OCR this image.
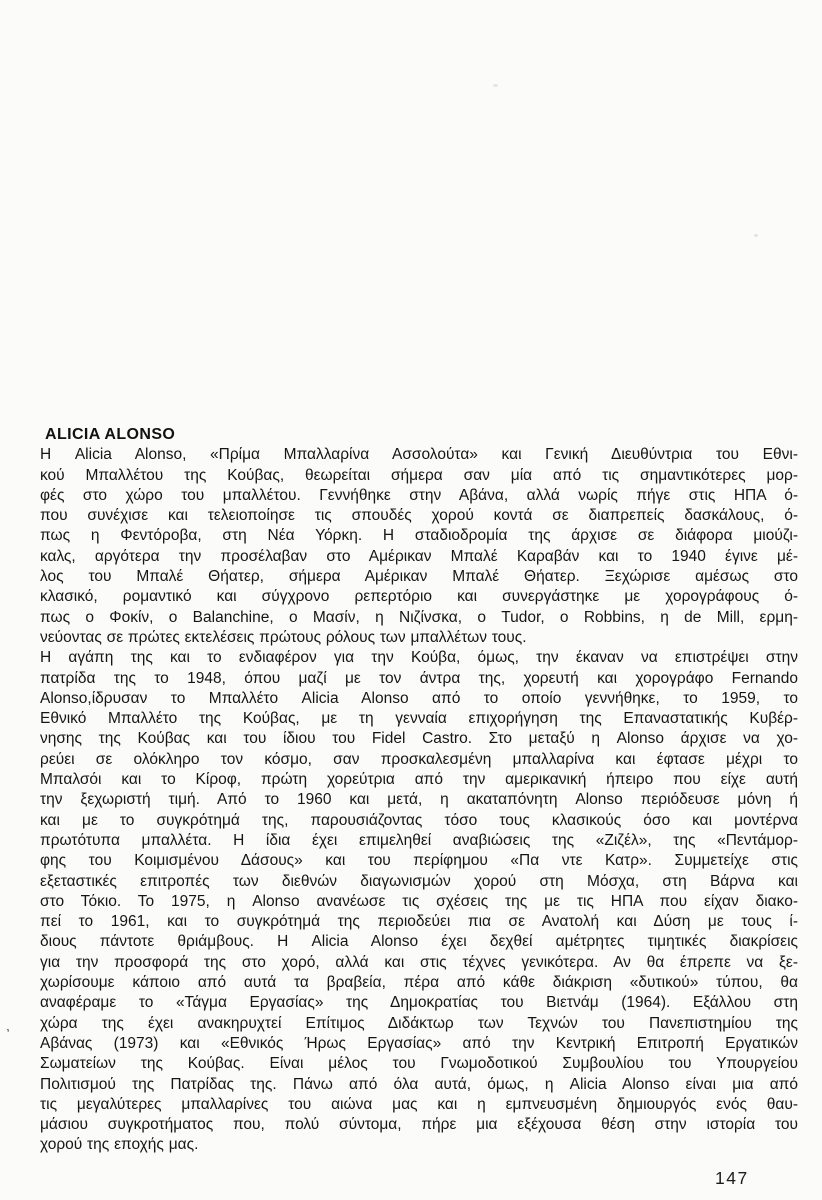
ALICIA ALONSO
Η Alicia Alonso, «Πρίμα Μπαλλαρίνα Ασσολούτα» και Γενική Διευθύντρια του Εθνι-
κού Μπαλλέτου της Κούβας, θεωρείται σήμερα σαν μία από τις σημαντικότερες μορ-
φές στο χώρο του μπαλλέτου. Γεννήθηκε στην Αβάνα, αλλά νωρίς πήγε στις ΗΠΑ ό-
που συνέχισε και τελειοποίησε τις σπουδές χορού κοντά σε διαπρεπείς δασκάλους, ό-
πως η Φεντόροβα, στη Νέα Υόρκη. Η σταδιοδρομία της άρχισε σε διάφορα μιούζι-
καλς, αργότερα την προσέλαβαν στο Αμέρικαν Μπαλέ Καραβάν και το 1940 έγινε μέ-
λος του Μπαλέ Θήατερ, σήμερα Αμέρικαν Μπαλέ Θήατερ. Ξεχώρισε αμέσως στο
κλασικό, ρομαντικό και σύγχρονο ρεπερτόριο και συνεργάστηκε με χορογράφους ό-
πως ο Φοκίν, ο Balanchine, ο Μασίν, η Νιζίνσκα, ο Tudor, ο Robbins, η de Mill, ερμη-
νεύοντας σε πρώτες εκτελέσεις πρώτους ρόλους των μπαλλέτων τους.
Η αγάπη της και το ενδιαφέρον για την Κούβα, όμως, την έκαναν να επιστρέψει στην
πατρίδα της το 1948, όπου μαζί με τον άντρα της, χορευτή και χορογράφο Fernando
Alonso,ίδρυσαν το Μπαλλέτο Alicia Alonso από το οποίο γεννήθηκε, το 1959, το
Εθνικό Μπαλλέτο της Κούβας, με τη γενναία επιχορήγηση της Επαναστατικής Κυβέρ-
νησης της Κούβας και του ίδιου του Fidel Castro. Στο μεταξύ η Alonso άρχισε να χο-
ρεύει σε ολόκληρο τον κόσμο, σαν προσκαλεσμένη μπαλλαρίνα και έφτασε μέχρι το
Μπαλσόι και το Κίροφ, πρώτη χορεύτρια από την αμερικανική ήπειρο που είχε αυτή
την ξεχωριστή τιμή. Από το 1960 και μετά, η ακαταπόνητη Alonso περιόδευσε μόνη ή
και με το συγκρότημά της, παρουσιάζοντας τόσο τους κλασικούς όσο και μοντέρνα
πρωτότυπα μπαλλέτα. Η ίδια έχει επιμεληθεί αναβιώσεις της «Ζιζέλ», της «Πεντάμορ-
φης του Κοιμισμένου Δάσους» και του περίφημου «Πα ντε Κατρ». Συμμετείχε στις
εξεταστικές επιτροπές των διεθνών διαγωνισμών χορού στη Μόσχα, στη Βάρνα και
στο Τόκιο. Το 1975, η Alonso ανανέωσε τις σχέσεις της με τις ΗΠΑ που είχαν διακο-
πεί το 1961, και το συγκρότημά της περιοδεύει πια σε Ανατολή και Δύση με τους ί-
διους πάντοτε θριάμβους. Η Alicia Alonso έχει δεχθεί αμέτρητες τιμητικές διακρίσεις
για την προσφορά της στο χορό, αλλά και στις τέχνες γενικότερα. Αν θα έπρεπε να ξε-
χωρίσουμε κάποιο από αυτά τα βραβεία, πέρα από κάθε διάκριση «δυτικού» τύπου, θα
αναφέραμε το «Τάγμα Εργασίας» της Δημοκρατίας του Βιετνάμ (1964). Εξάλλου στη
χώρα της έχει ανακηρυχτεί Επίτιμος Διδάκτωρ των Τεχνών του Πανεπιστημίου της
Αβάνας (1973) και «Εθνικός Ήρως Εργασίας» από την Κεντρική Επιτροπή Εργατικών
Σωματείων της Κούβας. Είναι μέλος του Γνωμοδοτικού Συμβουλίου του Υπουργείου
Πολιτισμού της Πατρίδας της. Πάνω από όλα αυτά, όμως, η Alicia Alonso είναι μια από
τις μεγαλύτερες μπαλλαρίνες του αιώνα μας και η εμπνευσμένη δημιουργός ενός θαυ-
μάσιου συγκροτήματος που, πολύ σύντομα, πήρε μια εξέχουσα θέση στην ιστορία του
χορού της εποχής μας.
’
147
